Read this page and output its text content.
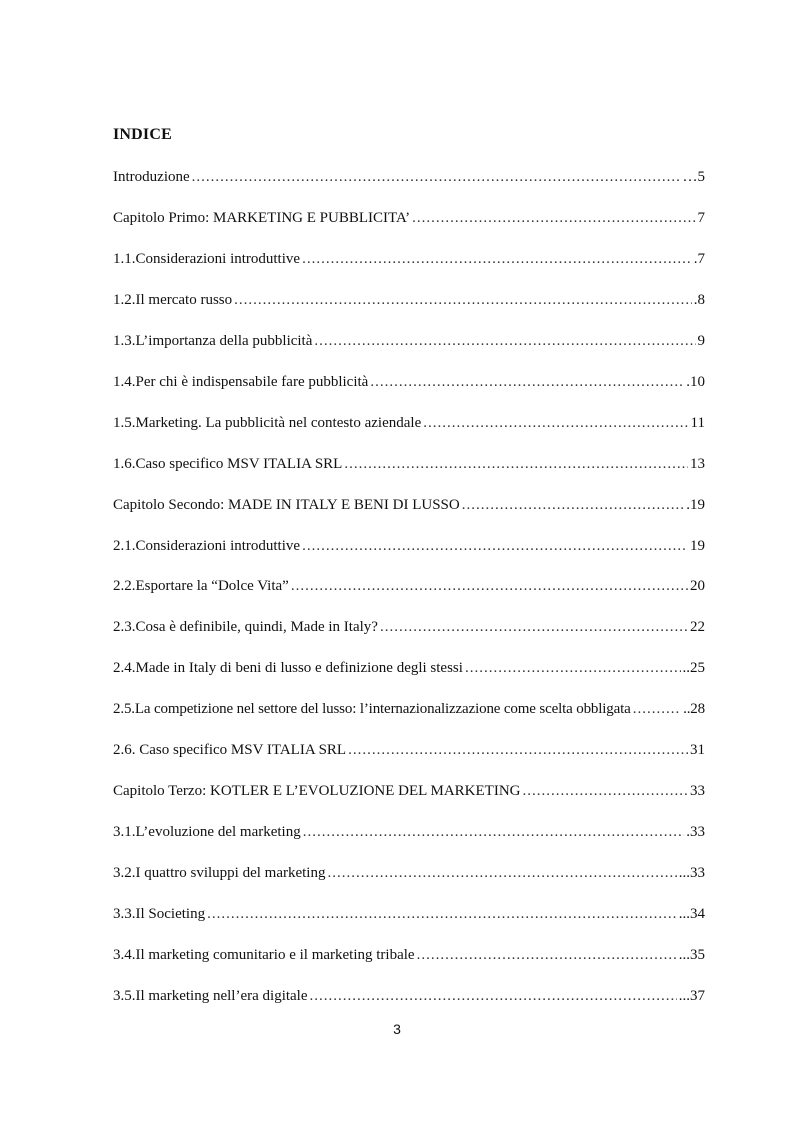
INDICE
Introduzione .....	…5
Capitolo Primo: MARKETING E PUBBLICITA’ .....	7
1.1.Considerazioni introduttive .....	.7
1.2.Il mercato russo .....	.8
1.3.L’importanza della pubblicità .....	9
1.4.Per chi è indispensabile fare pubblicità .....	.10
1.5.Marketing. La pubblicità nel contesto aziendale .....	11
1.6.Caso specifico MSV ITALIA SRL .....	13
Capitolo Secondo: MADE IN ITALY E BENI DI LUSSO .....	.19
2.1.Considerazioni introduttive .....	19
2.2.Esportare la “Dolce Vita” .....	20
2.3.Cosa è definibile, quindi, Made in Italy? .....	22
2.4.Made in Italy di beni di lusso e definizione degli stessi .....	..25
2.5.La competizione nel settore del lusso: l’internazionalizzazione come scelta obbligata .....	..28
2.6. Caso specifico MSV ITALIA SRL .....	31
Capitolo Terzo: KOTLER E L’EVOLUZIONE DEL MARKETING .....	33
3.1.L’evoluzione del marketing .....	.33
3.2.I quattro sviluppi del marketing .....	...33
3.3.Il Societing .....	...34
3.4.Il marketing comunitario e il marketing tribale .....	...35
3.5.Il marketing nell’era digitale .....	...37
3
